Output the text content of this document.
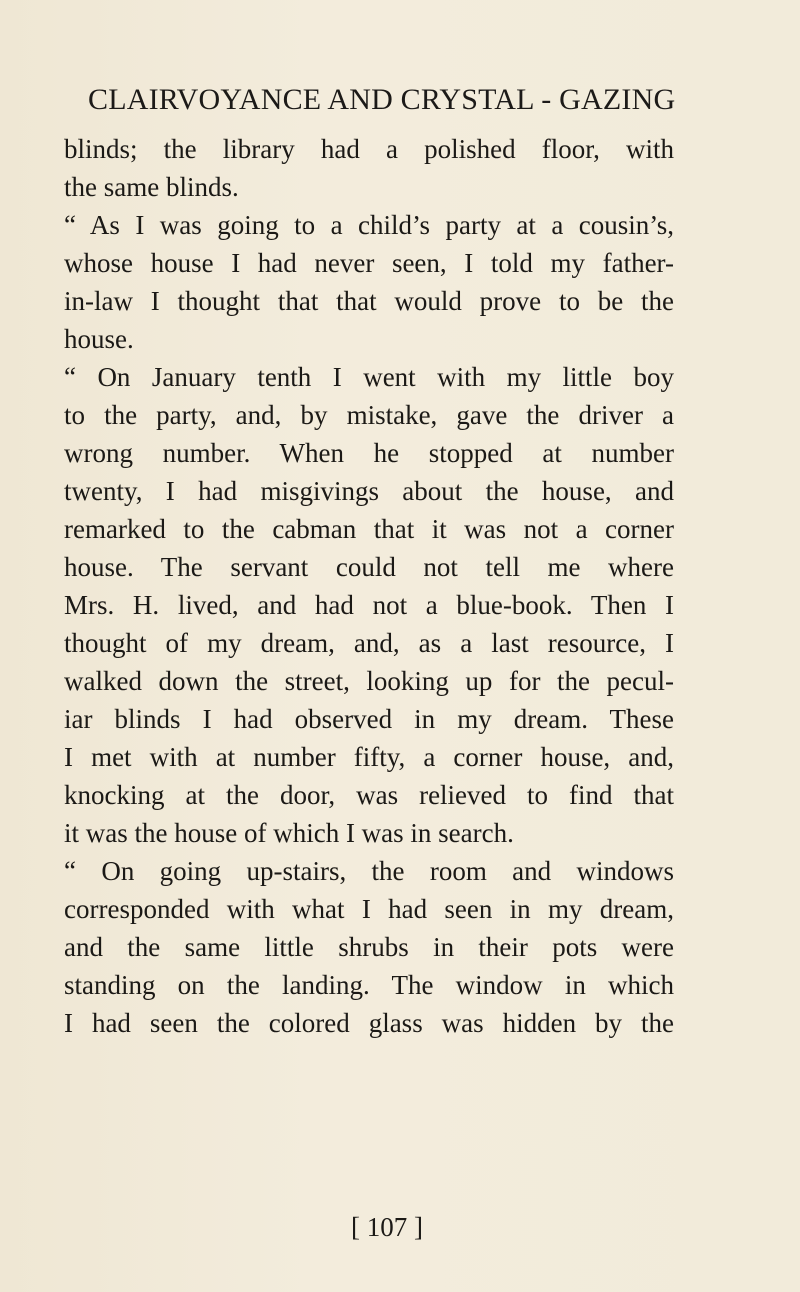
CLAIRVOYANCE AND CRYSTAL - GAZING
blinds; the library had a polished floor, with
the same blinds.
“ As I was going to a child’s party at a cousin’s,
whose house I had never seen, I told my father-
in-law I thought that that would prove to be the
house.
“ On January tenth I went with my little boy
to the party, and, by mistake, gave the driver a
wrong number. When he stopped at number
twenty, I had misgivings about the house, and
remarked to the cabman that it was not a corner
house. The servant could not tell me where
Mrs. H. lived, and had not a blue-book. Then I
thought of my dream, and, as a last resource, I
walked down the street, looking up for the pecul-
iar blinds I had observed in my dream. These
I met with at number fifty, a corner house, and,
knocking at the door, was relieved to find that
it was the house of which I was in search.
“ On going up-stairs, the room and windows
corresponded with what I had seen in my dream,
and the same little shrubs in their pots were
standing on the landing. The window in which
I had seen the colored glass was hidden by the
[ 107 ]
